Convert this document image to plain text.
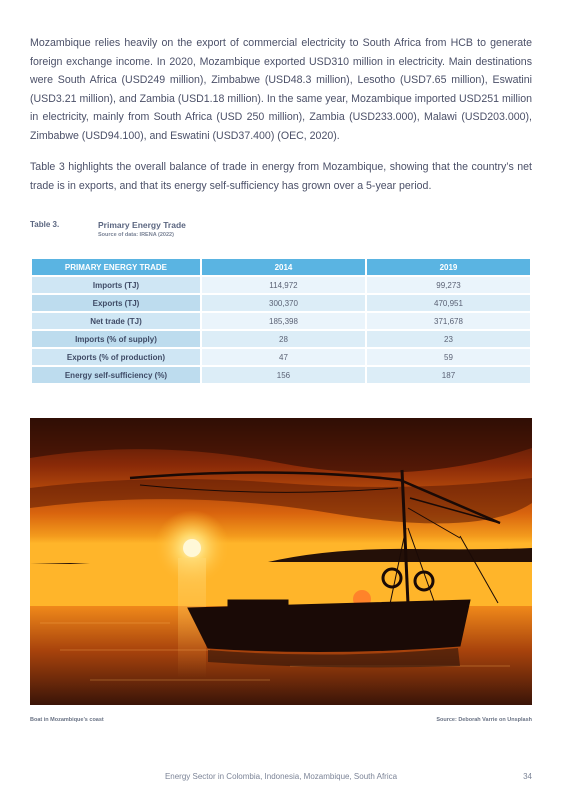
Mozambique relies heavily on the export of commercial electricity to South Africa from HCB to generate foreign exchange income. In 2020, Mozambique exported USD310 million in electricity. Main destinations were South Africa (USD249 million), Zimbabwe (USD48.3 million), Lesotho (USD7.65 million), Eswatini (USD3.21 million), and Zambia (USD1.18 million). In the same year, Mozambique imported USD251 million in electricity, mainly from South Africa (USD 250 million), Zambia (USD233.000), Malawi (USD203.000), Zimbabwe (USD94.100), and Eswatini (USD37.400) (OEC, 2020).

Table 3 highlights the overall balance of trade in energy from Mozambique, showing that the country’s net trade is in exports, and that its energy self-sufficiency has grown over a 5-year period.

Table 3.	Primary Energy Trade
Source of data: IRENA (2022)
PRIMARY ENERGY TRADE	2014	2019
Imports (TJ)	114,972	99,273
Exports (TJ)	300,370	470,951
Net trade (TJ)	185,398	371,678
Imports (% of supply)	28	23
Exports (% of production)	47	59
Energy self-sufficiency (%)	156	187
Boat in Mozambique’s coast	Source: Deborah Varrie on Unsplash
Energy Sector in Colombia, Indonesia, Mozambique, South Africa	34
